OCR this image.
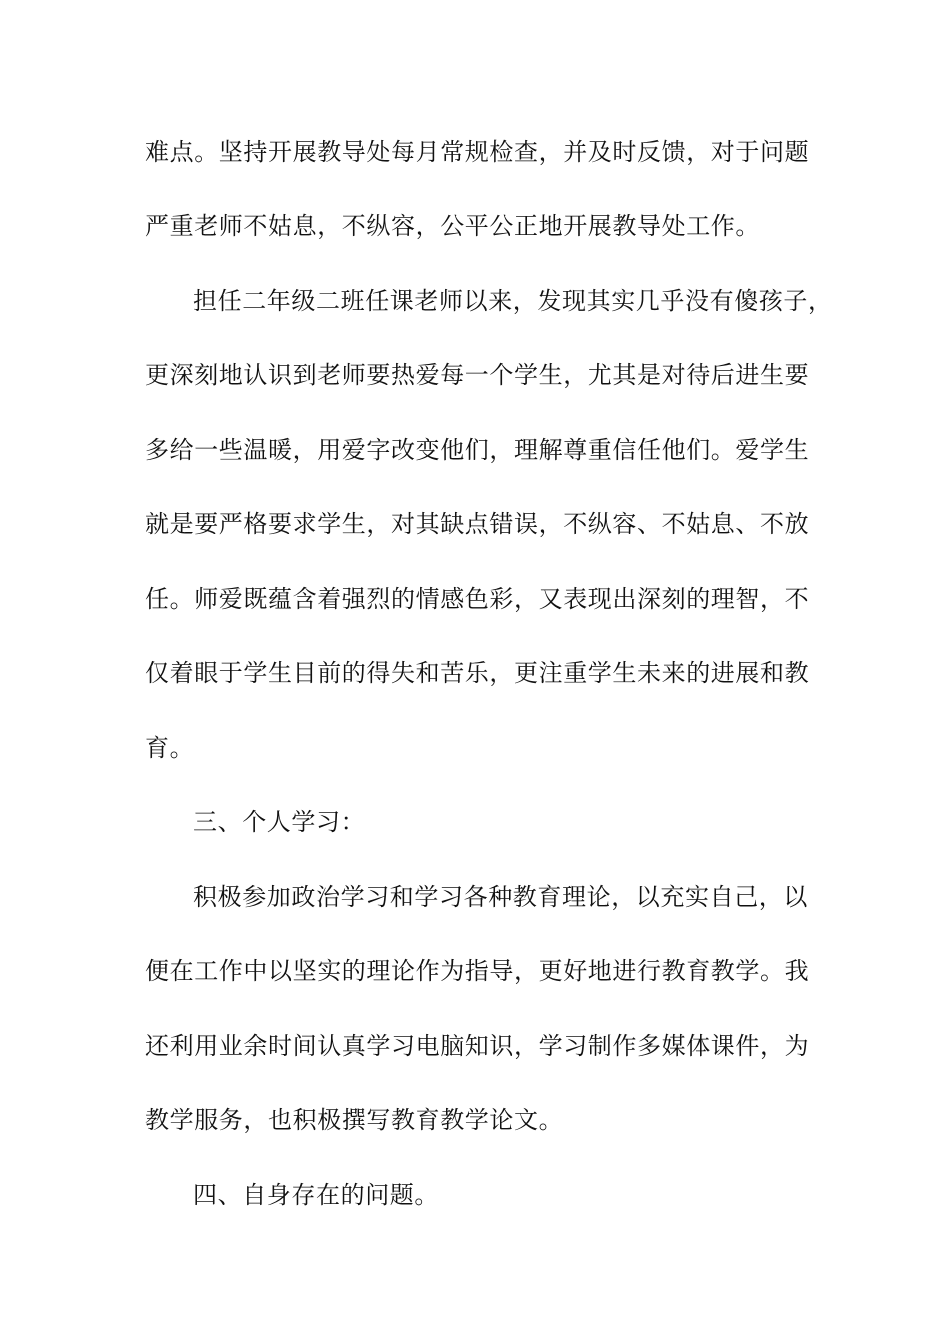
难点。坚持开展教导处每月常规检查，并及时反馈，对于问题
严重老师不姑息，不纵容，公平公正地开展教导处工作。
担任二年级二班任课老师以来，发现其实几乎没有傻孩子，
更深刻地认识到老师要热爱每一个学生，尤其是对待后进生要
多给一些温暖，用爱字改变他们，理解尊重信任他们。爱学生
就是要严格要求学生，对其缺点错误，不纵容、不姑息、不放
任。师爱既蕴含着强烈的情感色彩，又表现出深刻的理智，不
仅着眼于学生目前的得失和苦乐，更注重学生未来的进展和教
育。
三、个人学习：
积极参加政治学习和学习各种教育理论，以充实自己，以
便在工作中以坚实的理论作为指导，更好地进行教育教学。我
还利用业余时间认真学习电脑知识，学习制作多媒体课件，为
教学服务，也积极撰写教育教学论文。
四、自身存在的问题。
